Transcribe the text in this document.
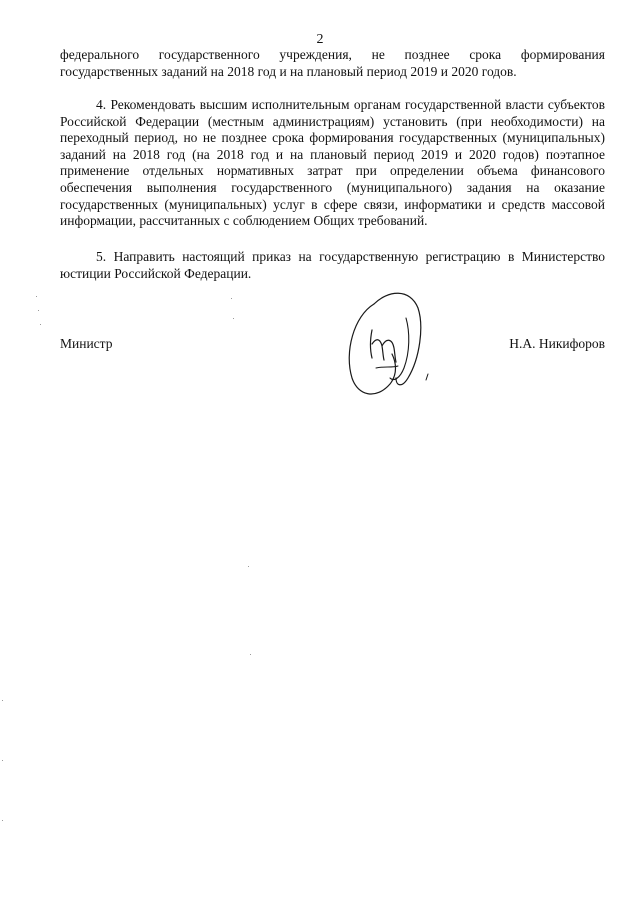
2

федерального государственного учреждения, не позднее срока формирования государственных заданий на 2018 год и на плановый период 2019 и 2020 годов.

4. Рекомендовать высшим исполнительным органам государственной власти субъектов Российской Федерации (местным администрациям) установить (при необходимости) на переходный период, но не позднее срока формирования государственных (муниципальных) заданий на 2018 год (на 2018 год и на плановый период 2019 и 2020 годов) поэтапное применение отдельных нормативных затрат при определении объема финансового обеспечения выполнения государственного (муниципального) задания на оказание государственных (муниципальных) услуг в сфере связи, информатики и средств массовой информации, рассчитанных с соблюдением Общих требований.

5. Направить настоящий приказ на государственную регистрацию в Министерство юстиции Российской Федерации.

Министр	Н.А. Никифоров
